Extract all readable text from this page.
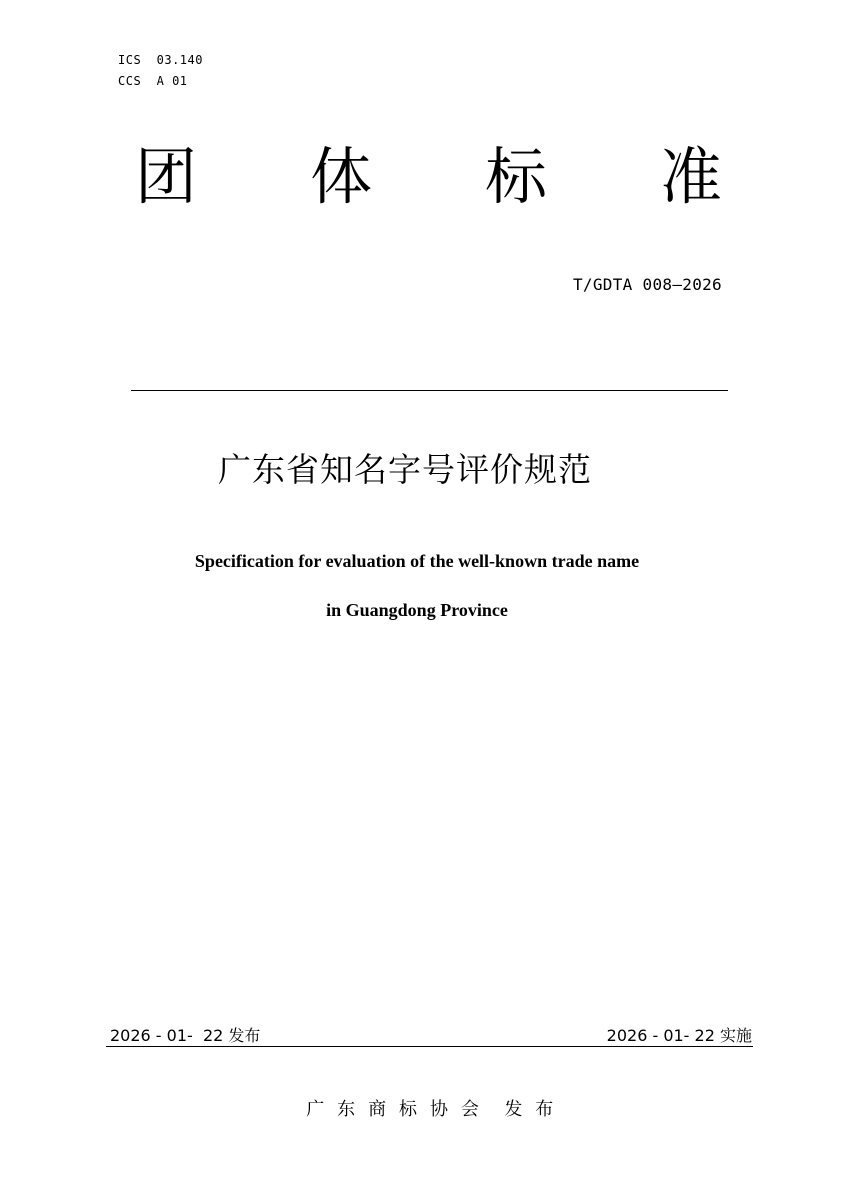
ICS  03.140
CCS  A 01
团 体 标 准
T/GDTA 008—2026
广东省知名字号评价规范
Specification for evaluation of the well-known trade name
in Guangdong Province
2026 - 01-  22 发布	2026 - 01- 22 实施
广  东  商  标  协  会    发  布
